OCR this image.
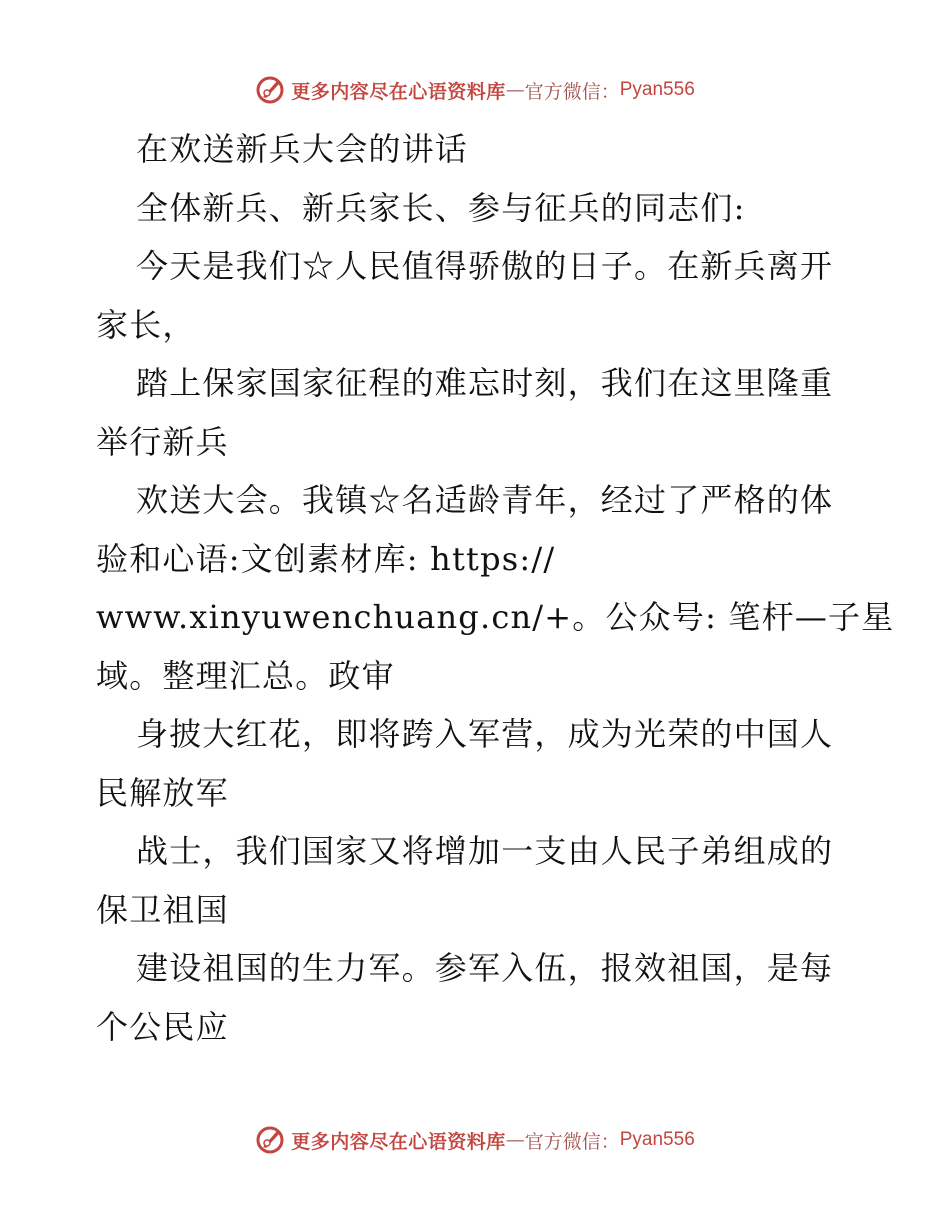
更多内容尽在心语资料库 — 官方微信： Pyan556
在欢送新兵大会的讲话
全体新兵、新兵家长、参与征兵的同志们:
今天是我们☆人民值得骄傲的日子。在新兵离开
家长，
踏上保家国家征程的难忘时刻，我们在这里隆重
举行新兵
欢送大会。我镇☆名适龄青年，经过了严格的体
验和心语:文创素材库: https://
www.xinyuwenchuang.cn/+。公众号: 笔杆—子星
域。整理汇总。政审
身披大红花，即将跨入军营，成为光荣的中国人
民解放军
战士，我们国家又将增加一支由人民子弟组成的
保卫祖国
建设祖国的生力军。参军入伍，报效祖国，是每
个公民应
更多内容尽在心语资料库 — 官方微信： Pyan556
